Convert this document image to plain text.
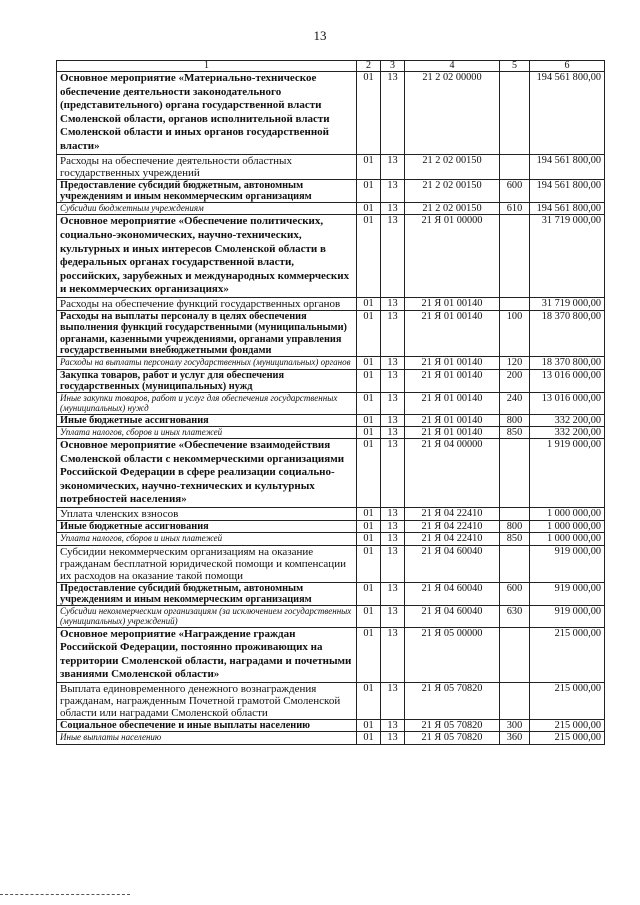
13
1	2	3	4	5	6
Основное мероприятие «Материально-техническое обеспечение деятельности законодательного (представительного) органа государственной власти Смоленской области, органов исполнительной власти Смоленской области и иных органов государственной власти»	01	13	21 2 02 00000		194 561 800,00
Расходы на обеспечение деятельности областных государственных учреждений	01	13	21 2 02 00150		194 561 800,00
Предоставление субсидий бюджетным, автономным учреждениям и иным некоммерческим организациям	01	13	21 2 02 00150	600	194 561 800,00
Субсидии бюджетным учреждениям	01	13	21 2 02 00150	610	194 561 800,00
Основное мероприятие «Обеспечение политических, социально-экономических, научно-технических, культурных и иных интересов Смоленской области в федеральных органах государственной власти, российских, зарубежных и международных коммерческих и некоммерческих организациях»	01	13	21 Я 01 00000		31 719 000,00
Расходы на обеспечение функций государственных органов	01	13	21 Я 01 00140		31 719 000,00
Расходы на выплаты персоналу в целях обеспечения выполнения функций государственными (муниципальными) органами, казенными учреждениями, органами управления государственными внебюджетными фондами	01	13	21 Я 01 00140	100	18 370 800,00
Расходы на выплаты персоналу государственных (муниципальных) органов	01	13	21 Я 01 00140	120	18 370 800,00
Закупка товаров, работ и услуг для обеспечения государственных (муниципальных) нужд	01	13	21 Я 01 00140	200	13 016 000,00
Иные закупки товаров, работ и услуг для обеспечения государственных (муниципальных) нужд	01	13	21 Я 01 00140	240	13 016 000,00
Иные бюджетные ассигнования	01	13	21 Я 01 00140	800	332 200,00
Уплата налогов, сборов и иных платежей	01	13	21 Я 01 00140	850	332 200,00
Основное мероприятие «Обеспечение взаимодействия Смоленской области с некоммерческими организациями Российской Федерации в сфере реализации социально-экономических, научно-технических и культурных потребностей населения»	01	13	21 Я 04 00000		1 919 000,00
Уплата членских взносов	01	13	21 Я 04 22410		1 000 000,00
Иные бюджетные ассигнования	01	13	21 Я 04 22410	800	1 000 000,00
Уплата налогов, сборов и иных платежей	01	13	21 Я 04 22410	850	1 000 000,00
Субсидии некоммерческим организациям на оказание гражданам бесплатной юридической помощи и компенсации их расходов на оказание такой помощи	01	13	21 Я 04 60040		919 000,00
Предоставление субсидий бюджетным, автономным учреждениям и иным некоммерческим организациям	01	13	21 Я 04 60040	600	919 000,00
Субсидии некоммерческим организациям (за исключением государственных (муниципальных) учреждений)	01	13	21 Я 04 60040	630	919 000,00
Основное мероприятие «Награждение граждан Российской Федерации, постоянно проживающих на территории Смоленской области, наградами и почетными званиями Смоленской области»	01	13	21 Я 05 00000		215 000,00
Выплата единовременного денежного вознаграждения гражданам, награжденным Почетной грамотой Смоленской области или наградами Смоленской области	01	13	21 Я 05 70820		215 000,00
Социальное обеспечение и иные выплаты населению	01	13	21 Я 05 70820	300	215 000,00
Иные выплаты населению	01	13	21 Я 05 70820	360	215 000,00
